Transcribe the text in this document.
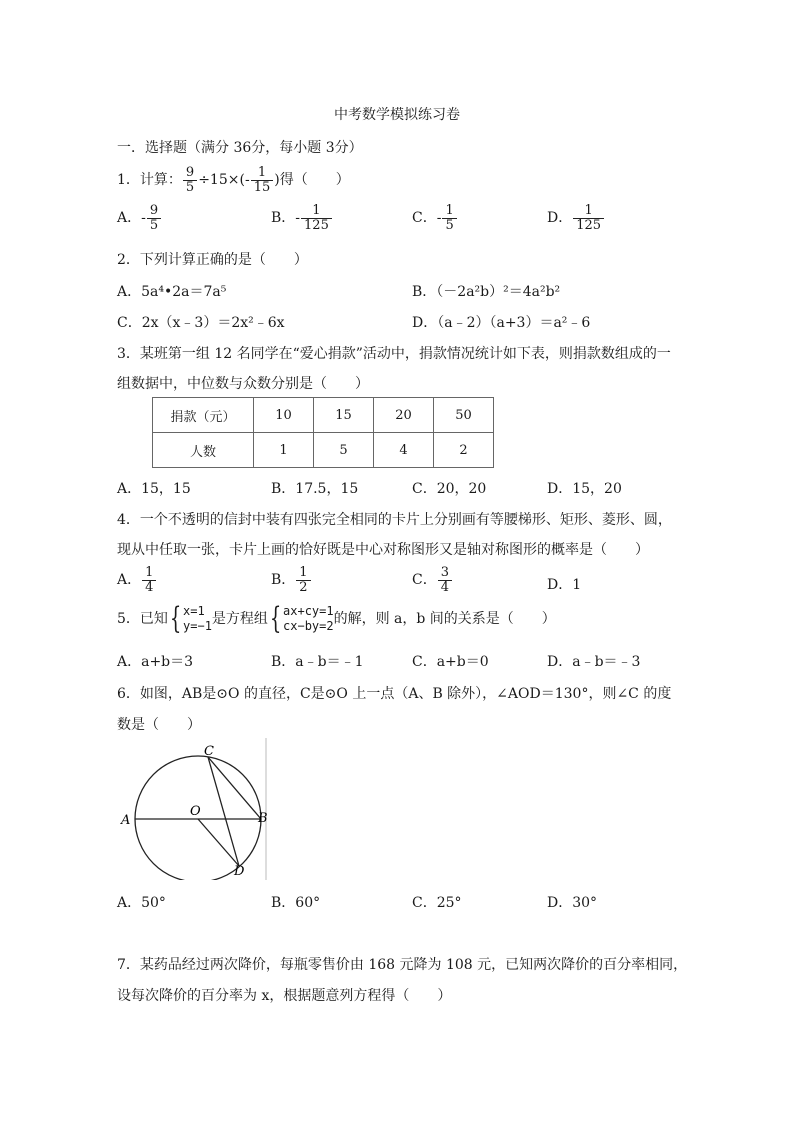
中考数学模拟练习卷
一．选择题（满分 36分，每小题 3分）
1．计算： $\frac{9}{5} \div 15\times(- \frac{1}{15}$ )得（　　）
A．- $\frac{9}{5}$	B．- $\frac{1}{125}$	C．- $\frac{1}{5}$	D． $\frac{1}{125}$
2．下列计算正确的是（　　）
A．5a⁴•2a＝7a⁵	B．（－2a²b）²＝4a²b²
C．2x（x﹣3）＝2x²﹣6x	D．（a﹣2）（a+3）＝a²﹣6
3．某班第一组 12 名同学在“爱心捐款”活动中，捐款情况统计如下表，则捐款数组成的一
组数据中，中位数与众数分别是（　　）
捐款（元）	10	15	20	50
人数	1	5	4	2
A．15，15	B．17.5，15	C．20，20	D．15，20
4．一个不透明的信封中装有四张完全相同的卡片上分别画有等腰梯形、矩形、菱形、圆，
现从中任取一张，卡片上画的恰好既是中心对称图形又是轴对称图形的概率是（　　）
A． $\frac{1}{4}$	B． $\frac{1}{2}$	C． $\frac{3}{4}$	D．1
5．已知{ x=1
y=−1 是方程组{ ax+cy=1
cx−by=2 的解，则 a，b 间的关系是（　　）
A．a+b＝3	B．a﹣b＝﹣1	C．a+b＝0	D．a﹣b＝﹣3
6．如图，AB是⊙O 的直径，C是⊙O 上一点（A、B 除外），∠AOD＝130°，则∠C 的度
数是（　　）
C
A
O	B
D
A．50°	B．60°	C．25°	D．30°
7．某药品经过两次降价，每瓶零售价由 168 元降为 108 元，已知两次降价的百分率相同，
设每次降价的百分率为 x，根据题意列方程得（　　）
